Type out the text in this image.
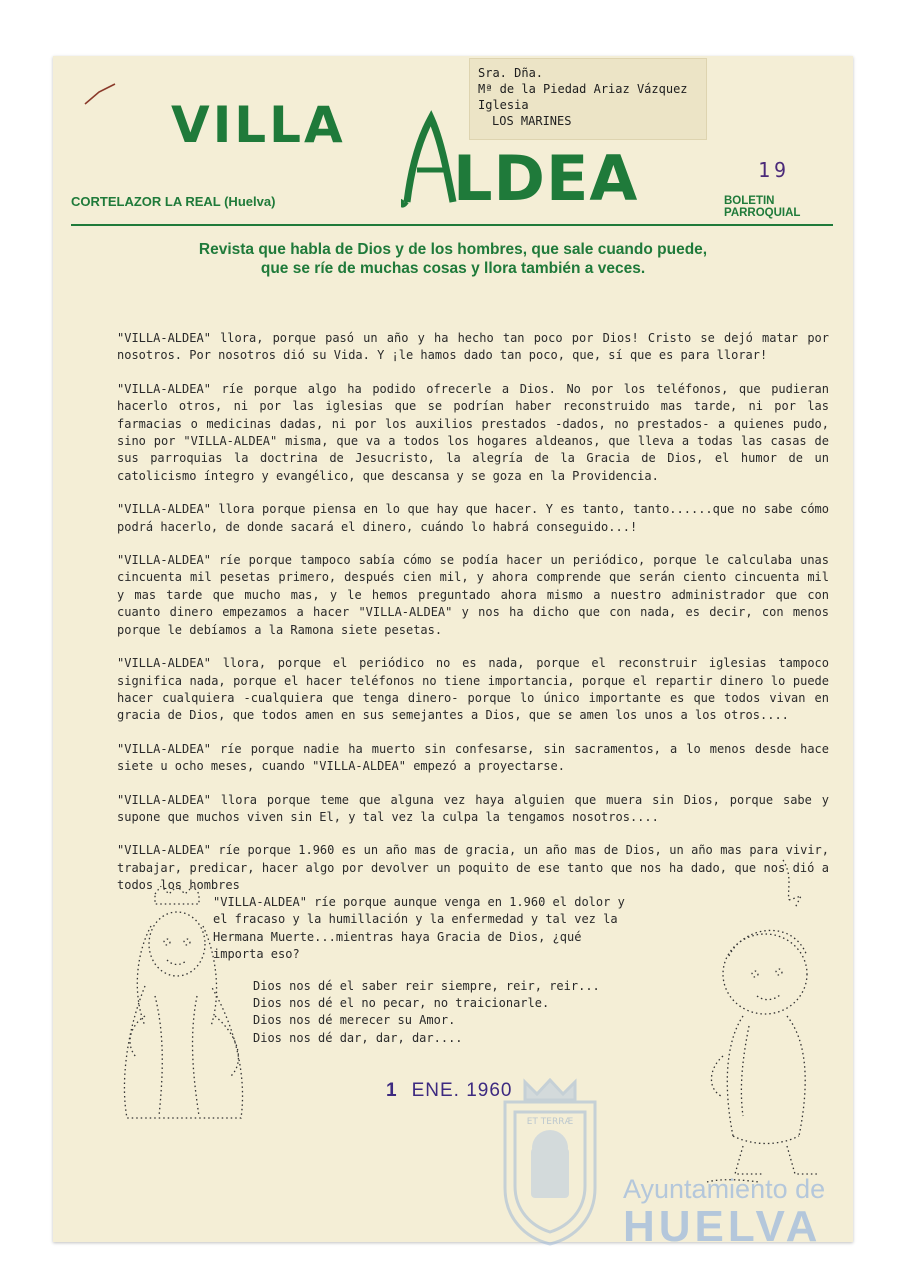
VILLA	A
LDEA
CORTELAZOR LA REAL (Huelva)
19
BOLETIN PARROQUIAL
Sra. Dña.
Mª de la Piedad Ariaz Vázquez
Iglesia
LOS MARINES
Revista que habla de Dios y de los hombres, que sale cuando puede,
que se ríe de muchas cosas y llora también a veces.

"VILLA-ALDEA" llora, porque pasó un año y ha hecho tan poco por Dios! Cristo se dejó matar por nosotros. Por nosotros dió su Vida. Y ¡le hamos dado tan poco, que, sí que es para llorar!

"VILLA-ALDEA" ríe porque algo ha podido ofrecerle a Dios. No por los teléfonos, que pudieran hacerlo otros, ni por las iglesias que se podrían haber reconstruido mas tarde, ni por las farmacias o medicinas dadas, ni por los auxilios prestados -dados, no prestados- a quienes pudo, sino por "VILLA-ALDEA" misma, que va a todos los hogares aldeanos, que lleva a todas las casas de sus parroquias la doctrina de Jesucristo, la alegría de la Gracia de Dios, el humor de un catolicismo íntegro y evangélico, que descansa y se goza en la Providencia.

"VILLA-ALDEA" llora porque piensa en lo que hay que hacer. Y es tanto, tanto......que no sabe cómo podrá hacerlo, de donde sacará el dinero, cuándo lo habrá conseguido...!

"VILLA-ALDEA" ríe porque tampoco sabía cómo se podía hacer un periódico, porque le calculaba unas cincuenta mil pesetas primero, después cien mil, y ahora comprende que serán ciento cincuenta mil y mas tarde que mucho mas, y le hemos preguntado ahora mismo a nuestro administrador que con cuanto dinero empezamos a hacer "VILLA-ALDEA" y nos ha dicho que con nada, es decir, con menos porque le debíamos a la Ramona siete pesetas.

"VILLA-ALDEA" llora, porque el periódico no es nada, porque el reconstruir iglesias tampoco significa nada, porque el hacer teléfonos no tiene importancia, porque el repartir dinero lo puede hacer cualquiera -cualquiera que tenga dinero- porque lo único importante es que todos vivan en gracia de Dios, que todos amen en sus semejantes a Dios, que se amen los unos a los otros....

"VILLA-ALDEA" ríe porque nadie ha muerto sin confesarse, sin sacramentos, a lo menos desde hace siete u ocho meses, cuando "VILLA-ALDEA" empezó a proyectarse.

"VILLA-ALDEA" llora porque teme que alguna vez haya alguien que muera sin Dios, porque sabe y supone que muchos viven sin El, y tal vez la culpa la tengamos nosotros....

"VILLA-ALDEA" ríe porque 1.960 es un año mas de gracia, un año mas de Dios, un año mas para vivir, trabajar, predicar, hacer algo por devolver un poquito de ese tanto que nos ha dado, que nos dió a todos los hombres

"VILLA-ALDEA" ríe porque aunque venga en 1.960 el dolor y el fracaso y la humillación y la enfermedad y tal vez la Hermana Muerte...mientras haya Gracia de Dios, ¿qué importa eso?
Dios nos dé el saber reir siempre, reir, reir...
Dios nos dé el no pecar, no traicionarle.
Dios nos dé merecer su Amor.
Dios nos dé dar, dar, dar....
1 ENE. 1960
ET TERRÆ
Ayuntamiento de
HUELVA
